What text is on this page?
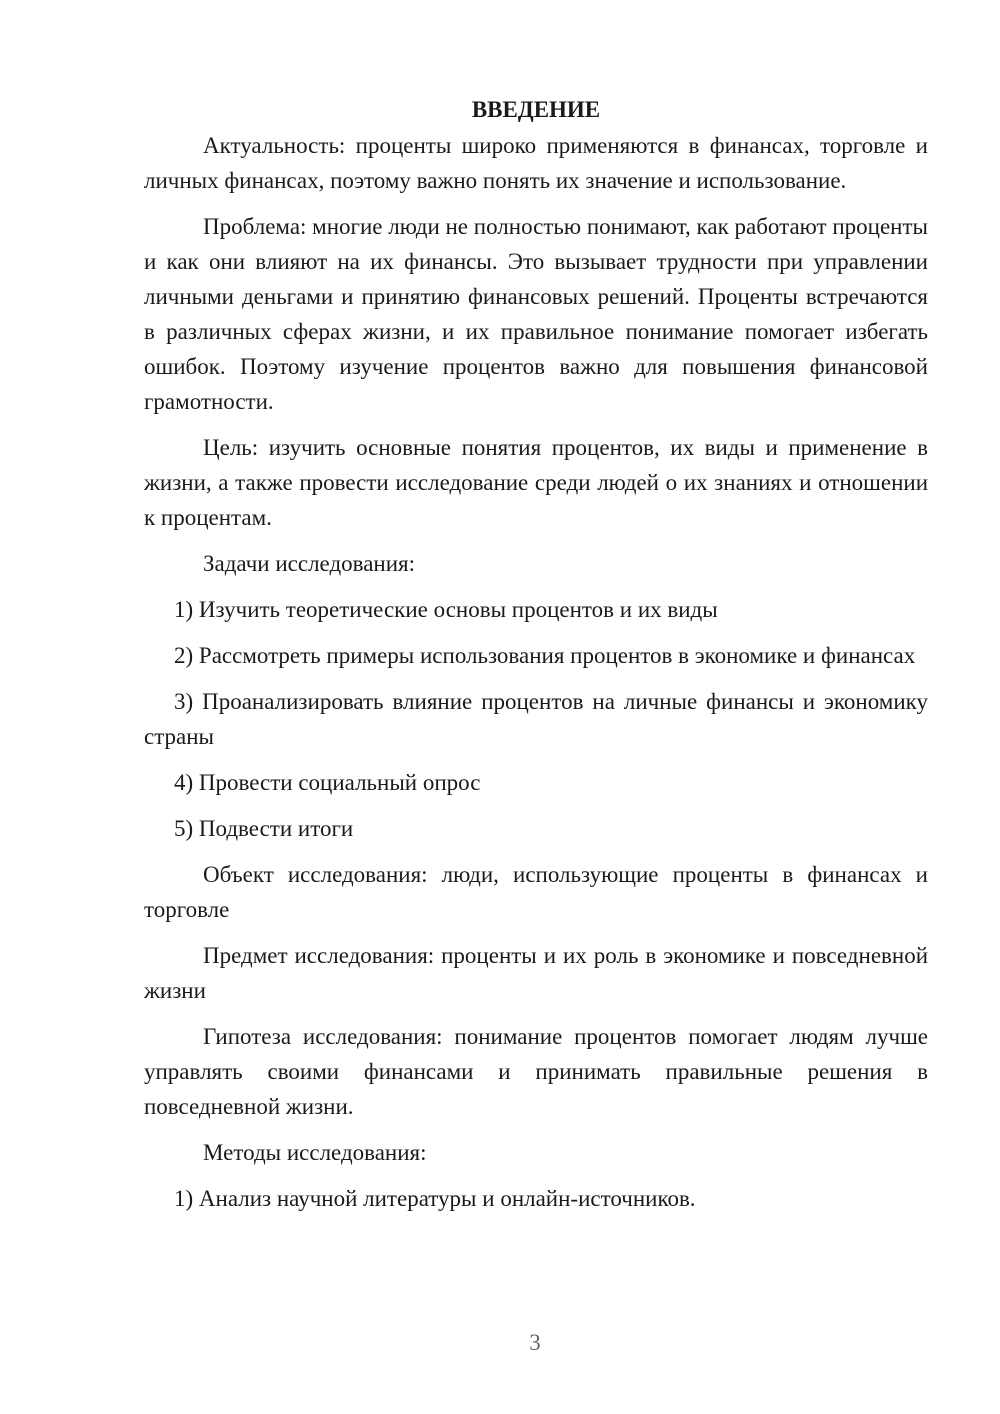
ВВЕДЕНИЕ

Актуальность: проценты широко применяются в финансах, торговле и личных финансах, поэтому важно понять их значение и использование.

Проблема: многие люди не полностью понимают, как работают проценты и как они влияют на их финансы. Это вызывает трудности при управлении личными деньгами и принятию финансовых решений. Проценты встречаются в различных сферах жизни, и их правильное понимание помогает избегать ошибок. Поэтому изучение процентов важно для повышения финансовой грамотности.

Цель: изучить основные понятия процентов, их виды и применение в жизни, а также провести исследование среди людей о их знаниях и отношении к процентам.

Задачи исследования:

1) Изучить теоретические основы процентов и их виды

2) Рассмотреть примеры использования процентов в экономике и финансах

3) Проанализировать влияние процентов на личные финансы и экономику страны

4) Провести социальный опрос

5) Подвести итоги

Объект исследования: люди, использующие проценты в финансах и торговле

Предмет исследования: проценты и их роль в экономике и повседневной жизни

Гипотеза исследования: понимание процентов помогает людям лучше управлять своими финансами и принимать правильные решения в повседневной жизни.

Методы исследования:

1) Анализ научной литературы и онлайн-источников.

3
